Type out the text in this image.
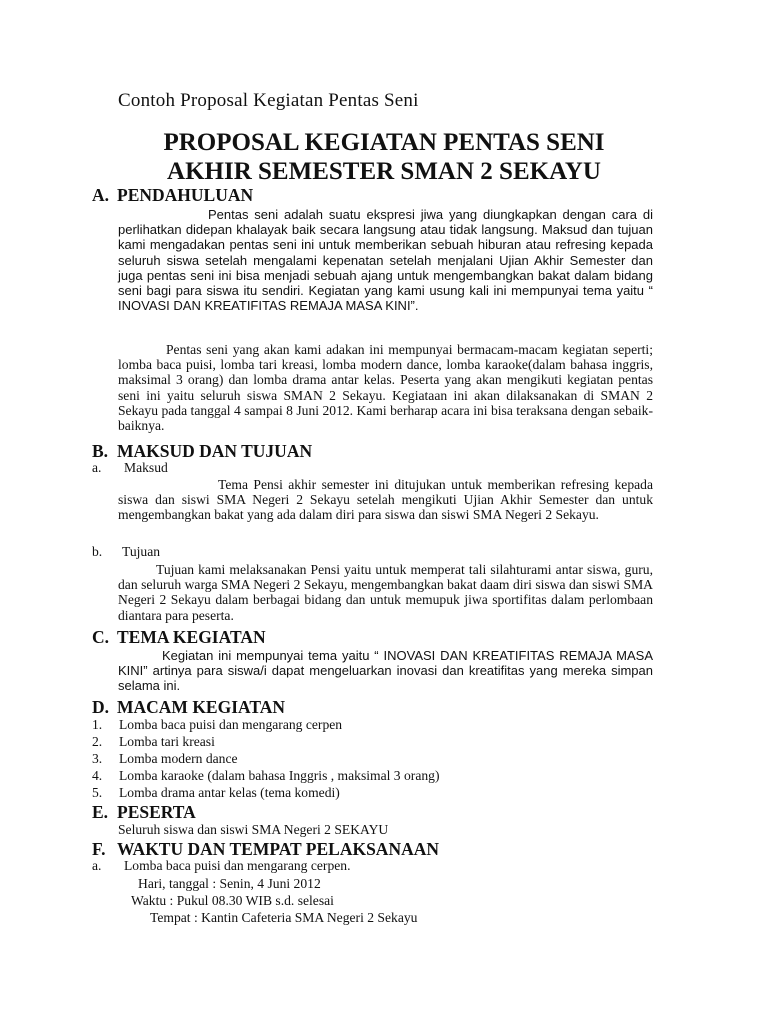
Contoh Proposal Kegiatan Pentas Seni
PROPOSAL KEGIATAN PENTAS SENI
AKHIR SEMESTER SMAN 2 SEKAYU
A. PENDAHULUAN
Pentas seni adalah suatu ekspresi jiwa yang diungkapkan dengan cara di perlihatkan didepan khalayak baik secara langsung atau tidak langsung. Maksud dan tujuan kami mengadakan pentas seni ini untuk memberikan sebuah hiburan atau refresing kepada seluruh siswa setelah mengalami kepenatan setelah menjalani Ujian Akhir Semester dan juga pentas seni ini bisa menjadi sebuah ajang untuk mengembangkan bakat dalam bidang seni bagi para siswa itu sendiri. Kegiatan yang kami usung kali ini mempunyai tema yaitu “ INOVASI DAN KREATIFITAS REMAJA MASA KINI”.
Pentas seni yang akan kami adakan ini mempunyai bermacam-macam kegiatan seperti; lomba baca puisi, lomba tari kreasi, lomba modern dance, lomba karaoke(dalam bahasa inggris, maksimal 3 orang) dan lomba drama antar kelas. Peserta yang akan mengikuti kegiatan pentas seni ini yaitu seluruh siswa SMAN 2 Sekayu. Kegiataan ini akan dilaksanakan di SMAN 2 Sekayu pada tanggal 4 sampai 8 Juni 2012. Kami berharap acara ini bisa teraksana dengan sebaik-baiknya.
B. MAKSUD DAN TUJUAN
a. Maksud
Tema Pensi akhir semester ini ditujukan untuk memberikan refresing kepada siswa dan siswi SMA Negeri 2 Sekayu setelah mengikuti Ujian Akhir Semester dan untuk mengembangkan bakat yang ada dalam diri para siswa dan siswi SMA Negeri 2 Sekayu.
b. Tujuan
Tujuan kami melaksanakan Pensi yaitu untuk memperat tali silahturami antar siswa, guru, dan seluruh warga SMA Negeri 2 Sekayu, mengembangkan bakat daam diri siswa dan siswi SMA Negeri 2 Sekayu dalam berbagai bidang dan untuk memupuk jiwa sportifitas dalam perlombaan diantara para peserta.
C. TEMA KEGIATAN
Kegiatan ini mempunyai tema yaitu “ INOVASI DAN KREATIFITAS REMAJA MASA KINI” artinya para siswa/i dapat mengeluarkan inovasi dan kreatifitas yang mereka simpan selama ini.
D. MACAM KEGIATAN
1. Lomba baca puisi dan mengarang cerpen
2. Lomba tari kreasi
3. Lomba modern dance
4. Lomba karaoke (dalam bahasa Inggris , maksimal 3 orang)
5. Lomba drama antar kelas (tema komedi)
E. PESERTA
Seluruh siswa dan siswi SMA Negeri 2 SEKAYU
F. WAKTU DAN TEMPAT PELAKSANAAN
a. Lomba baca puisi dan mengarang cerpen.
Hari, tanggal : Senin, 4 Juni 2012
Waktu : Pukul 08.30 WIB s.d. selesai
Tempat : Kantin Cafeteria SMA Negeri 2 Sekayu
